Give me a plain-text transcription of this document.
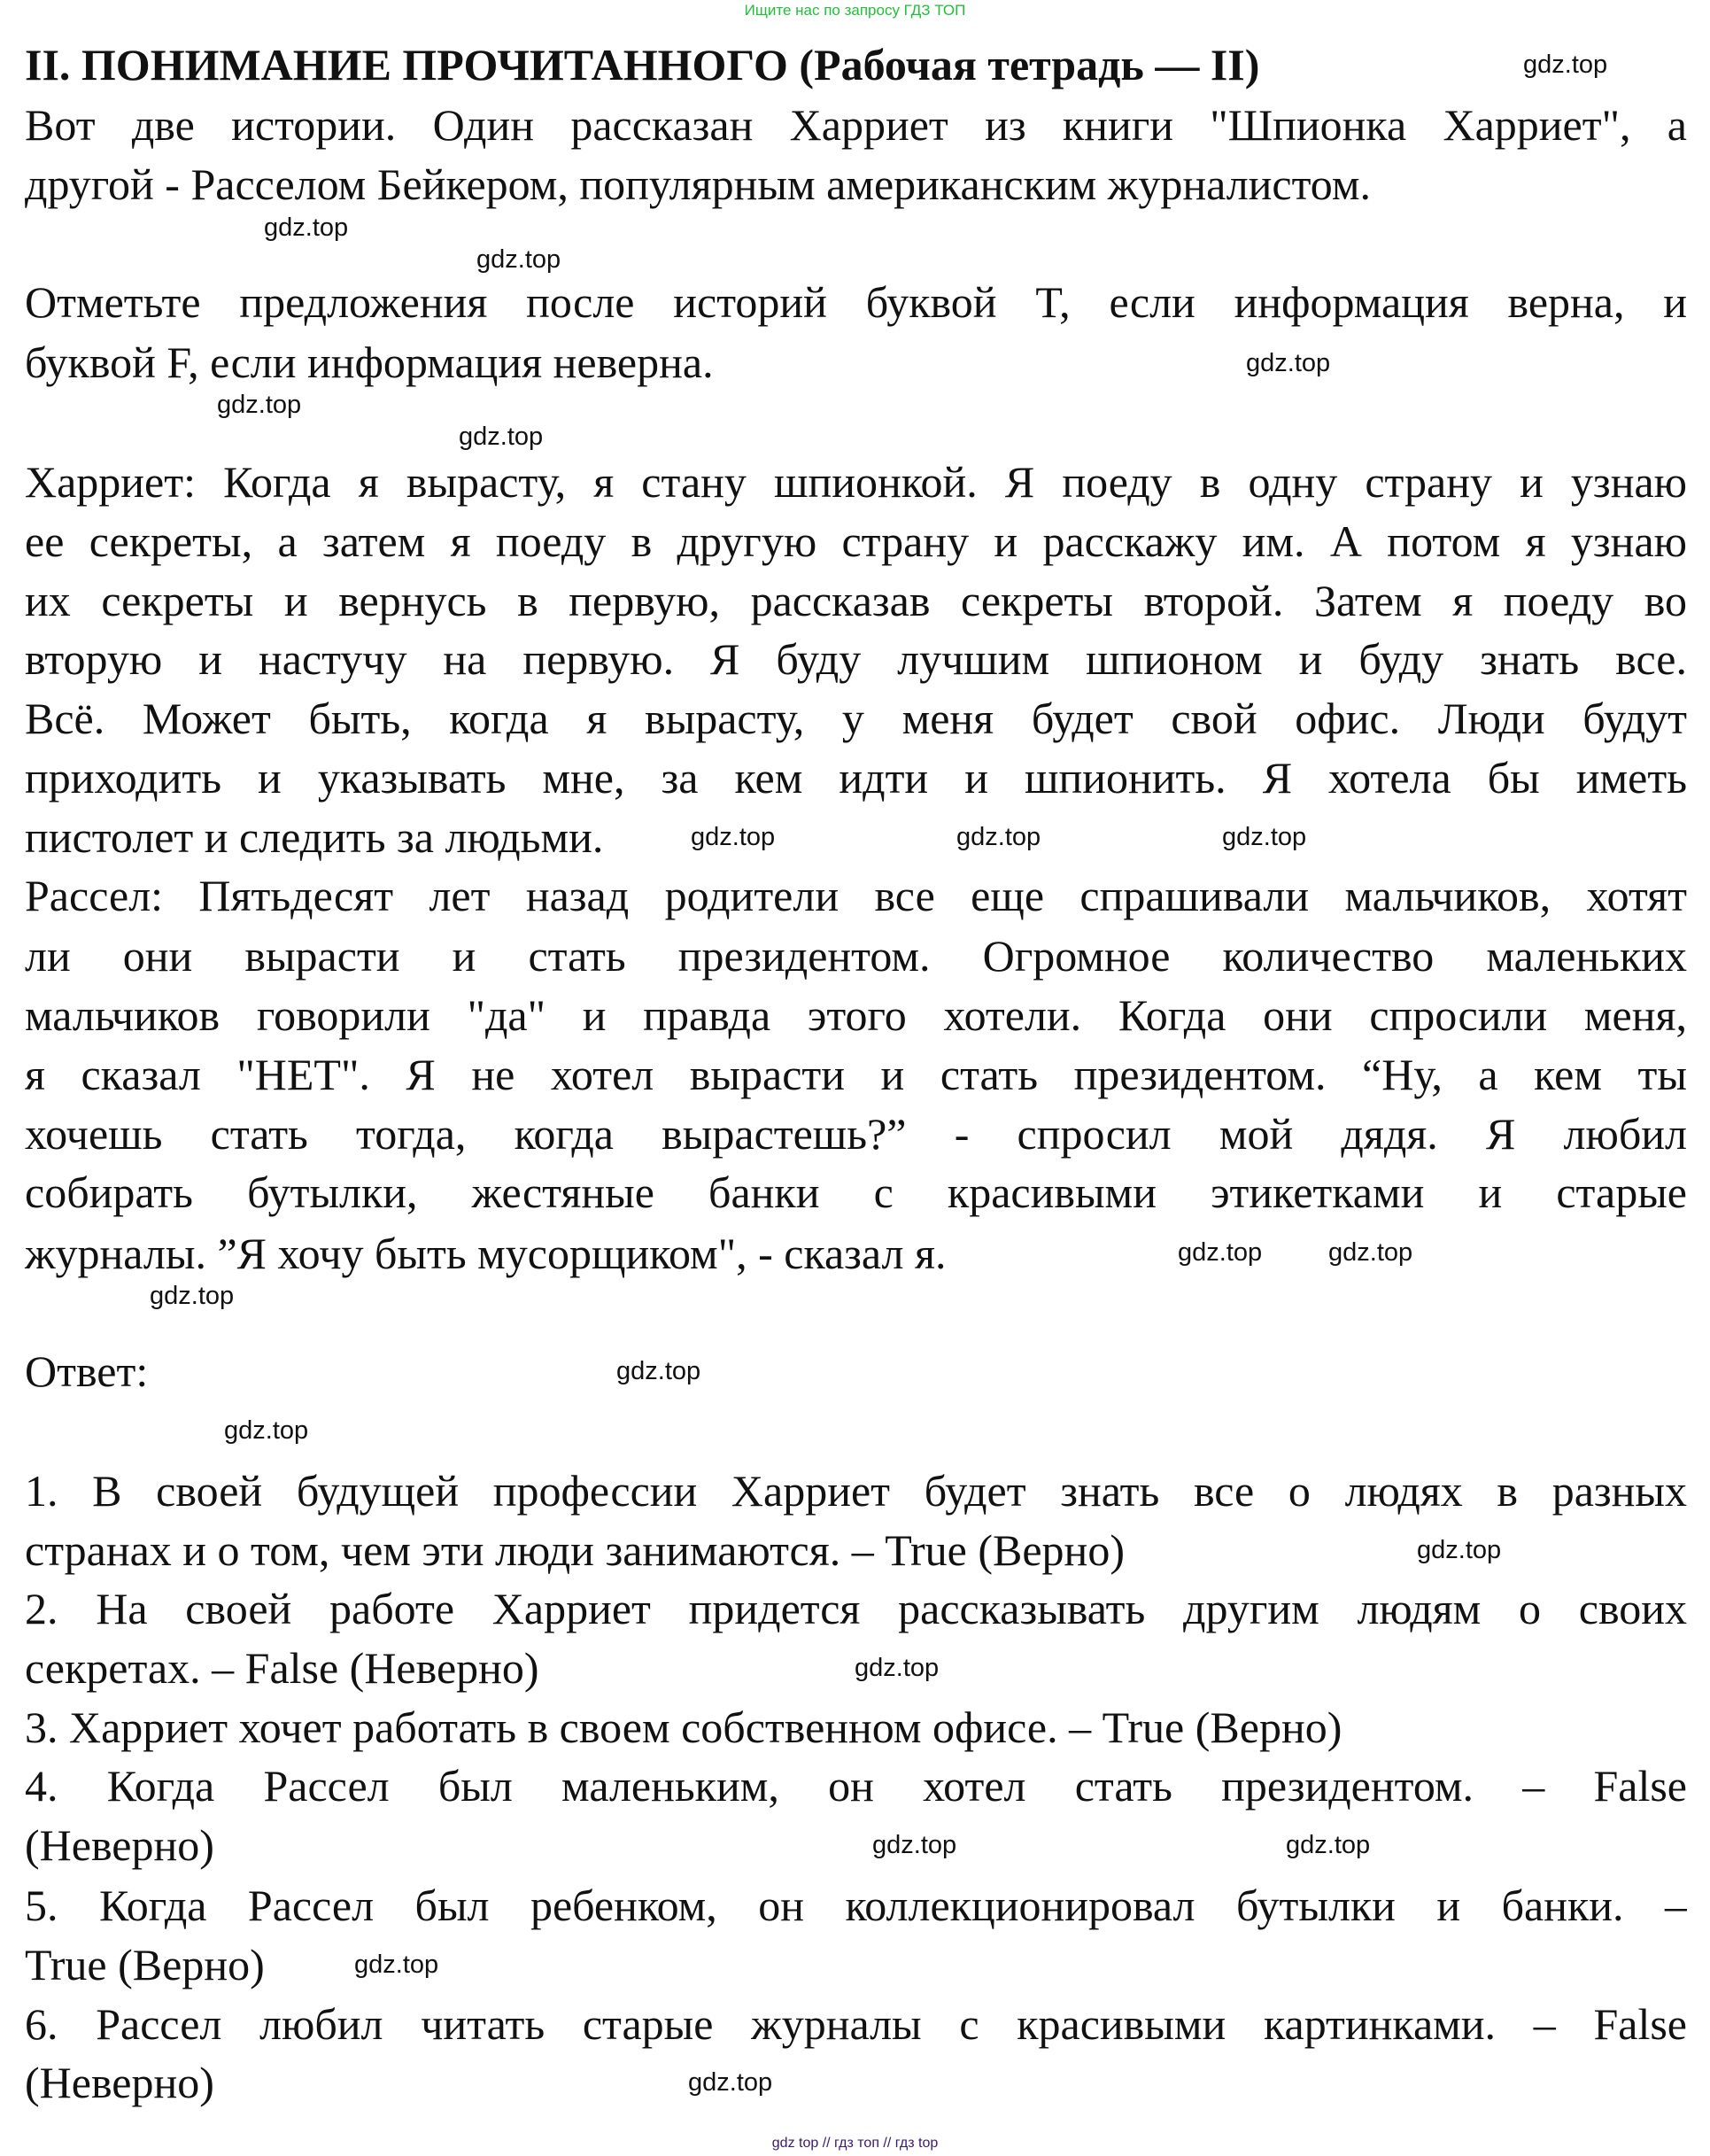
Ищите нас по запросу ГДЗ ТОП
II. ПОНИМАНИЕ ПРОЧИТАННОГО (Рабочая тетрадь — II)
Вот две истории. Один рассказан Харриет из книги "Шпионка Харриет", а
другой - Расселом Бейкером, популярным американским журналистом.
Отметьте предложения после историй буквой T, если информация верна, и
буквой F, если информация неверна.
Харриет: Когда я вырасту, я стану шпионкой. Я поеду в одну страну и узнаю
ее секреты, а затем я поеду в другую страну и расскажу им. А потом я узнаю
их секреты и вернусь в первую, рассказав секреты второй. Затем я поеду во
вторую и настучу на первую. Я буду лучшим шпионом и буду знать все.
Всё. Может быть, когда я вырасту, у меня будет свой офис. Люди будут
приходить и указывать мне, за кем идти и шпионить. Я хотела бы иметь
пистолет и следить за людьми.
Рассел: Пятьдесят лет назад родители все еще спрашивали мальчиков, хотят
ли они вырасти и стать президентом. Огромное количество маленьких
мальчиков говорили "да" и правда этого хотели. Когда они спросили меня,
я сказал "НЕТ". Я не хотел вырасти и стать президентом. “Ну, а кем ты
хочешь стать тогда, когда вырастешь?” - спросил мой дядя. Я любил
собирать бутылки, жестяные банки с красивыми этикетками и старые
журналы. ”Я хочу быть мусорщиком", - сказал я.
Ответ:
1. В своей будущей профессии Харриет будет знать все о людях в разных
странах и о том, чем эти люди занимаются. – True (Верно)
2. На своей работе Харриет придется рассказывать другим людям о своих
секретах. – False (Неверно)
3. Харриет хочет работать в своем собственном офисе. – True (Верно)
4. Когда Рассел был маленьким, он хотел стать президентом. – False
(Неверно)
5. Когда Рассел был ребенком, он коллекционировал бутылки и банки. –
True (Верно)
6. Рассел любил читать старые журналы с красивыми картинками. – False
(Неверно)
gdz.top
gdz.top
gdz.top
gdz.top
gdz.top
gdz.top
gdz.top	gdz.top	gdz.top
gdz.top	gdz.top
gdz.top
gdz.top
gdz.top
gdz.top
gdz.top
gdz.top	gdz.top
gdz.top
gdz.top
gdz top // гдз топ // гдз top
